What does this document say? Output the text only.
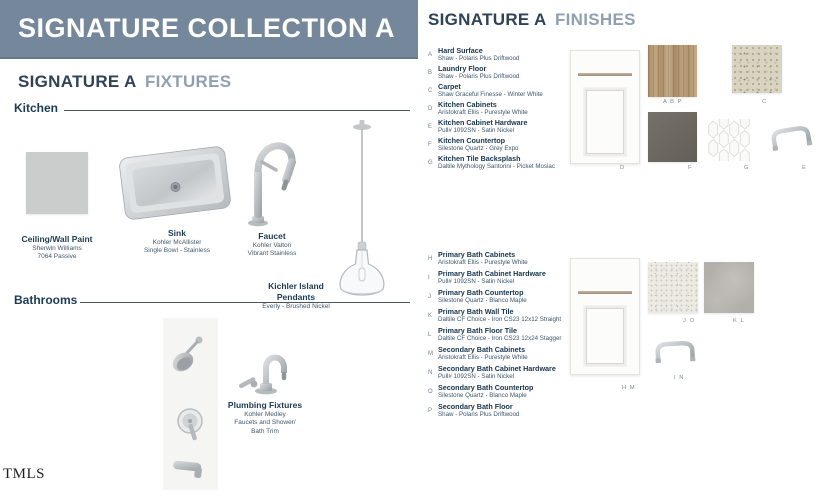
SIGNATURE COLLECTION A
SIGNATURE A FIXTURES
Kitchen
Ceiling/Wall Paint
Sherwin Williams
7064 Passive
Sink
Kohler McAllister
Single Bowl - Stainless
Faucet
Kohler Valton
Vibrant Stainless
Kichler Island Pendants
Everly - Brushed Nickel
Bathrooms
Plumbing Fixtures
Kohler Medley
Faucets and Shower/
Bath Trim
TMLS
SIGNATURE A FINISHES
A Hard Surface
Shaw - Polaris Plus Driftwood
B Laundry Floor
Shaw - Polaris Plus Driftwood
C Carpet
Shaw Graceful Finesse - Winter White
D Kitchen Cabinets
Aristokraft Ellis - Purestyle White
E Kitchen Cabinet Hardware
Pull# 1092SN - Satin Nickel
F Kitchen Countertop
Silestone Quartz - Grey Expo
G Kitchen Tile Backsplash
Daltile Mythology Santorini - Picket Mosiac	D
A B P	C
F	G	E
H Primary Bath Cabinets
Aristokraft Ellis - Purestyle White
I	Primary Bath Cabinet Hardware
Pull# 1092SN - Satin Nickel
J Primary Bath Countertop
Silestone Quartz - Blanco Maple
K Primary Bath Wall Tile
Daltile CF Choice - Iron CS23 12x12 Straight
L Primary Bath Floor Tile
Daltile CF Choice - Iron CS23 12x24 Stagger
M Secondary Bath Cabinets
Aristokraft Ellis - Purestyle White
N Secondary Bath Cabinet Hardware
Pull# 1092SN - Satin Nickel
O Secondary Bath Countertop
Silestone Quartz - Blanco Maple
P Secondary Bath Floor
Shaw - Polaris Plus Driftwood
H M
J O	K L
I N
